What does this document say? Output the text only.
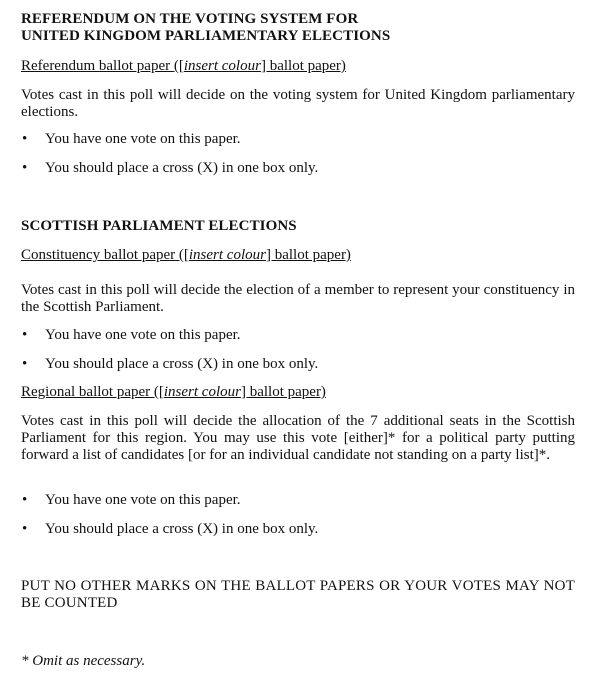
REFERENDUM ON THE VOTING SYSTEM FOR
UNITED KINGDOM PARLIAMENTARY ELECTIONS
Referendum ballot paper ([insert colour] ballot paper)
Votes cast in this poll will decide on the voting system for United Kingdom parliamentary elections.
• You have one vote on this paper.
• You should place a cross (X) in one box only.
SCOTTISH PARLIAMENT ELECTIONS
Constituency ballot paper ([insert colour] ballot paper)
Votes cast in this poll will decide the election of a member to represent your constituency in the Scottish Parliament.
• You have one vote on this paper.
• You should place a cross (X) in one box only.
Regional ballot paper ([insert colour] ballot paper)
Votes cast in this poll will decide the allocation of the 7 additional seats in the Scottish Parliament for this region. You may use this vote [either]* for a political party putting forward a list of candidates [or for an individual candidate not standing on a party list]*.
• You have one vote on this paper.
• You should place a cross (X) in one box only.
PUT NO OTHER MARKS ON THE BALLOT PAPERS OR YOUR VOTES MAY NOT BE COUNTED
* Omit as necessary.
